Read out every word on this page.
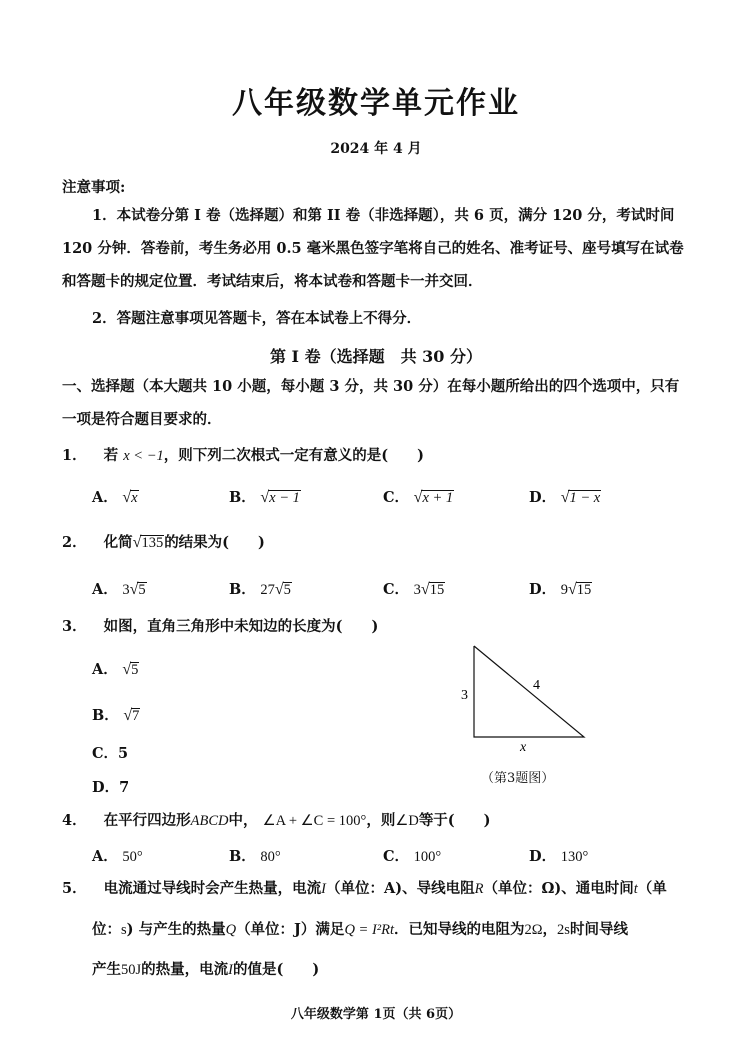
八年级数学单元作业
2024 年 4 月
注意事项:
1．本试卷分第 I 卷（选择题）和第 II 卷（非选择题），共 6 页，满分 120 分，考试时间 120 分钟．答卷前，考生务必用 0.5 毫米黑色签字笔将自己的姓名、准考证号、座号填写在试卷和答题卡的规定位置．考试结束后，将本试卷和答题卡一并交回．
2．答题注意事项见答题卡，答在本试卷上不得分．
第 I 卷（选择题　共 30 分）
一、选择题（本大题共 10 小题，每小题 3 分，共 30 分）在每小题所给出的四个选项中，只有一项是符合题目要求的．
1． 若 x < −1，则下列二次根式一定有意义的是(　　)
A． √x	B． √x − 1	C． √x + 1	D． √1 − x
2． 化简√135的结果为(　　)
A． 3√5	B． 27√5	C． 3√15	D． 9√15
3． 如图，直角三角形中未知边的长度为(　　)
A． √5
B． √7
C．5
D．7
3
4
x
（第3题图）
4． 在平行四边形ABCD中， ∠A + ∠C = 100°，则∠D等于(　　)
A． 50°	B． 80°	C． 100°	D． 130°
5． 电流通过导线时会产生热量，电流I（单位：A)、导线电阻R（单位：Ω)、通电时间t（单
位：s) 与产生的热量Q（单位：J）满足Q = I²Rt．已知导线的电阻为2Ω，2s时间导线
产生50J的热量，电流I的值是(　　)
八年级数学第 1页（共 6页）
